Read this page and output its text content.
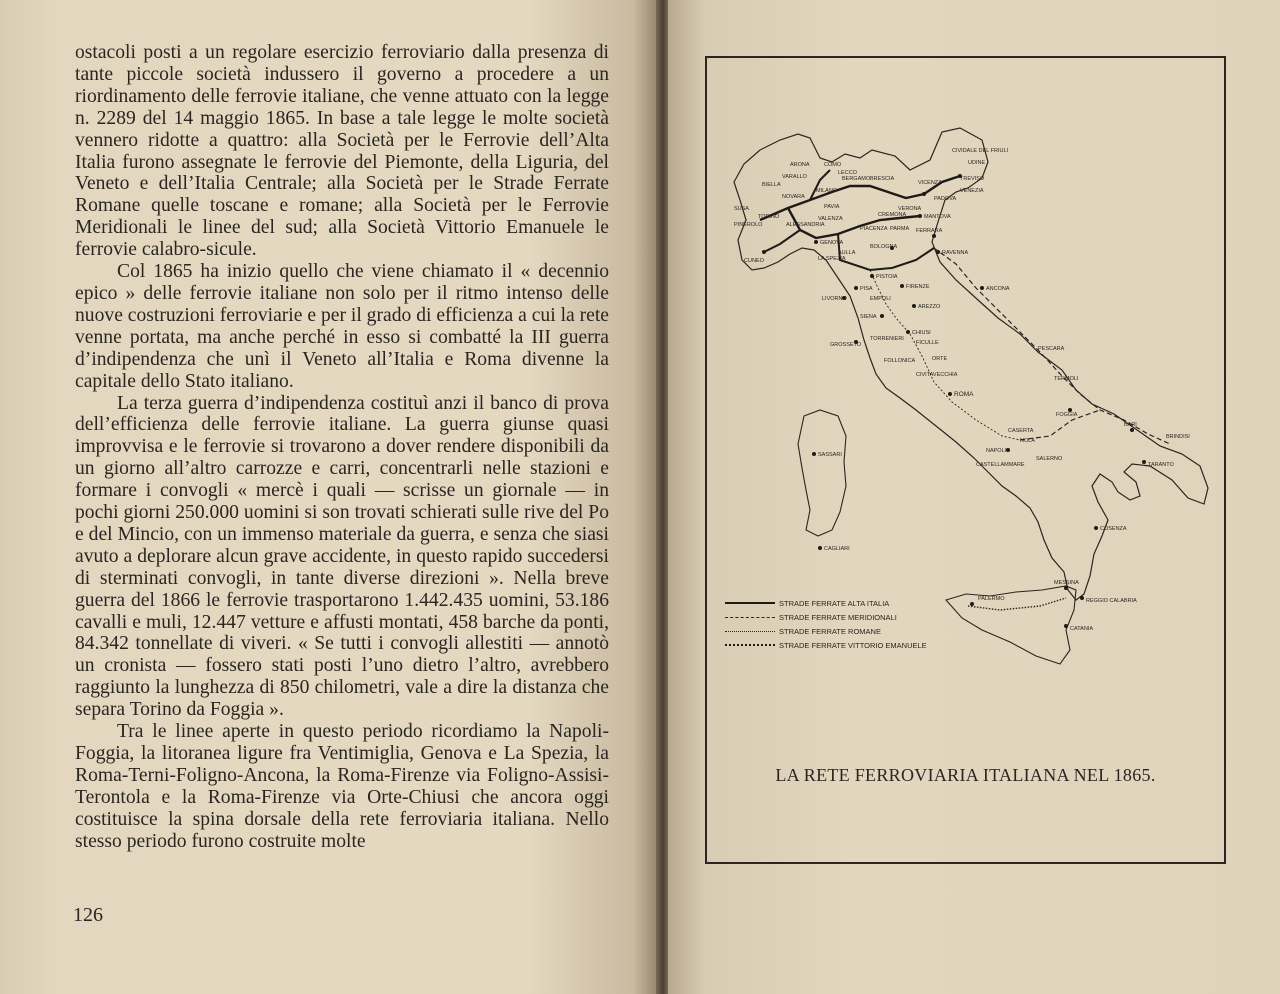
ostacoli posti a un regolare esercizio ferroviario dalla presenza di tante piccole società indussero il governo a procedere a un riordinamento delle ferrovie italiane, che venne attuato con la legge n. 2289 del 14 maggio 1865. In base a tale legge le molte società vennero ridotte a quattro: alla Società per le Ferrovie dell’Alta Italia furono assegnate le ferrovie del Piemonte, della Liguria, del Veneto e dell’Italia Centrale; alla Società per le Strade Ferrate Romane quelle toscane e romane; alla Società per le Ferrovie Meridionali le linee del sud; alla Società Vittorio Emanuele le ferrovie calabro-sicule.

Col 1865 ha inizio quello che viene chiamato il « decennio epico » delle ferrovie italiane non solo per il ritmo intenso delle nuove costruzioni ferroviarie e per il grado di efficienza a cui la rete venne portata, ma anche perché in esso si combatté la III guerra d’indipendenza che unì il Veneto all’Italia e Roma divenne la capitale dello Stato italiano.

La terza guerra d’indipendenza costituì anzi il banco di prova dell’efficienza delle ferrovie italiane. La guerra giunse quasi improvvisa e le ferrovie si trovarono a dover rendere disponibili da un giorno all’altro carrozze e carri, concentrarli nelle stazioni e formare i convogli « mercè i quali — scrisse un giornale — in pochi giorni 250.000 uomini si son trovati schierati sulle rive del Po e del Mincio, con un immenso materiale da guerra, e senza che siasi avuto a deplorare alcun grave accidente, in questo rapido succedersi di sterminati convogli, in tante diverse direzioni ». Nella breve guerra del 1866 le ferrovie trasportarono 1.442.435 uomini, 53.186 cavalli e muli, 12.447 vetture e affusti montati, 458 barche da ponti, 84.342 tonnellate di viveri. « Se tutti i convogli allestiti — annotò un cronista — fossero stati posti l’uno dietro l’altro, avrebbero raggiunto la lunghezza di 850 chilometri, vale a dire la distanza che separa Torino da Foggia ».

Tra le linee aperte in questo periodo ricordiamo la Napoli-Foggia, la litoranea ligure fra Ventimiglia, Genova e La Spezia, la Roma-Terni-Foligno-Ancona, la Roma-Firenze via Foligno-Assisi-Terontola e la Roma-Firenze via Orte-Chiusi che ancora oggi costituisce la spina dorsale della rete ferroviaria italiana. Nello stesso periodo furono costruite molte

126
CIVIDALE DEL FRIULI
UDINE
TREVISO
VENEZIA
VICENZA
PADOVA
VERONA
BRESCIA
BERGAMO
COMO
LECCO
ARONA
VARALLO
BIELLA
MILANO
NOVARA
TORINO	CREMONA	MANTOVA
PIACENZA PARMA
PAVIA
ALESSANDRIA
VALENZA
SUSA
PINEROLO
CUNEO
GENOVA
BOLOGNA
FERRARA
RAVENNA
LA SPEZIA
AULLA
PISTOIA
FIRENZE
PISA
LIVORNO	EMPOLI
SIENA
AREZZO
CHIUSI
FICULLE
GROSSETO
TORRENIERI
FOLLONICA	ORTE
CIVITAVECCHIA
ROMA
ANCONA
PESCARA
TERMOLI
FOGGIA
BARI
BRINDISI
TARANTO
CASERTA
NOLA
NAPOLI
SALERNO
CASTELLAMMARE
COSENZA
MESSINA
REGGIO CALABRIA
PALERMO
CATANIA
SASSARI
CAGLIARI
STRADE FERRATE ALTA ITALIA
STRADE FERRATE MERIDIONALI
STRADE FERRATE ROMANE
STRADE FERRATE VITTORIO EMANUELE
LA RETE FERROVIARIA ITALIANA NEL 1865.
